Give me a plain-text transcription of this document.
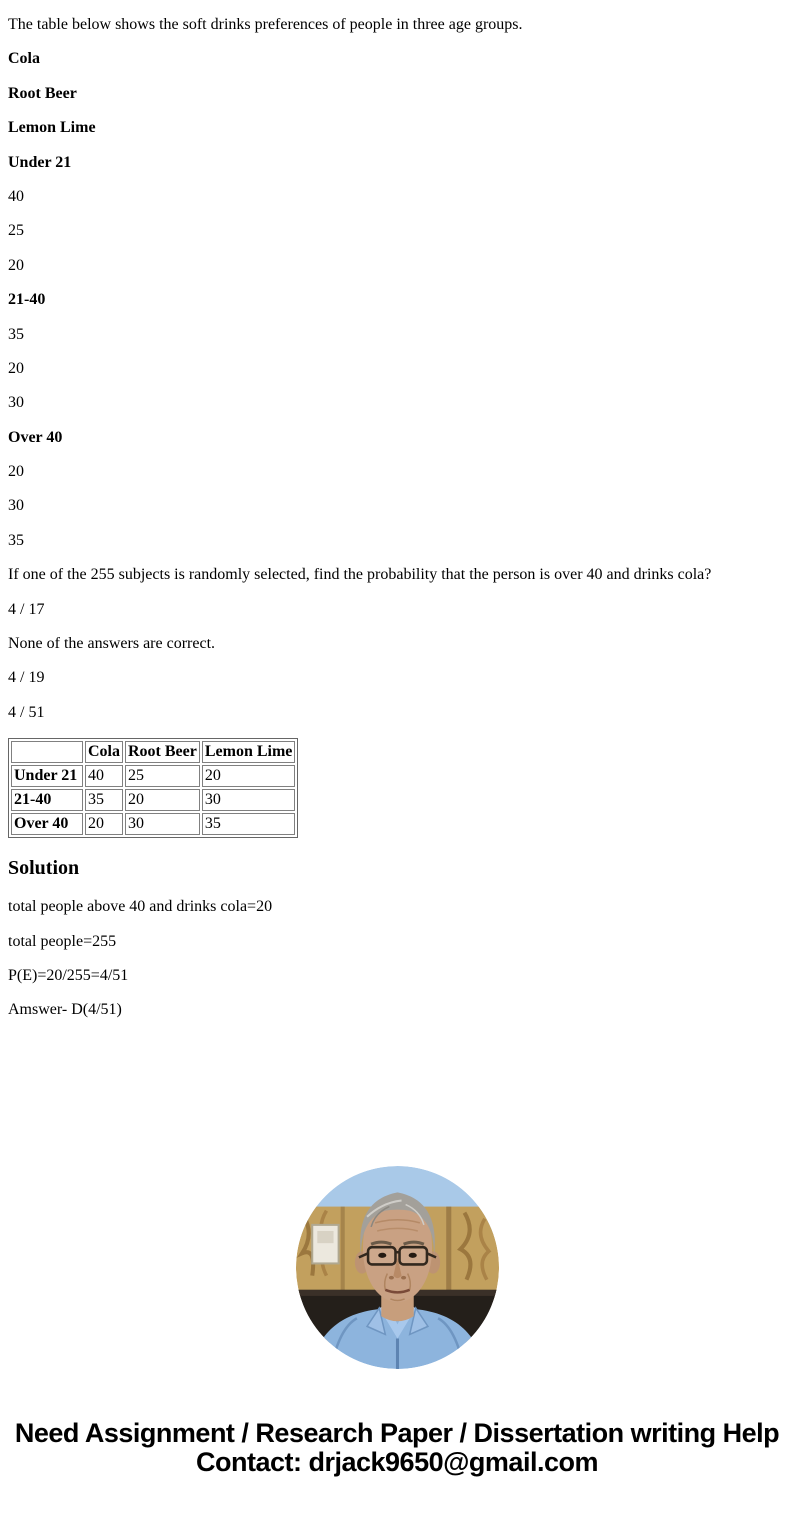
The table below shows the soft drinks preferences of people in three age groups.

Cola

Root Beer

Lemon Lime

Under 21

40

25

20

21-40

35

20

30

Over 40

20

30

35

If one of the 255 subjects is randomly selected, find the probability that the person is over 40 and drinks cola?

4 / 17

None of the answers are correct.

4 / 19

4 / 51

	Cola	Root Beer	Lemon Lime
Under 21	40	25	20
21-40	35	20	30
Over 40	20	30	35
Solution

total people above 40 and drinks cola=20

total people=255

P(E)=20/255=4/51

Amswer- D(4/51)

Need Assignment / Research Paper / Dissertation writing Help
Contact: drjack9650@gmail.com
